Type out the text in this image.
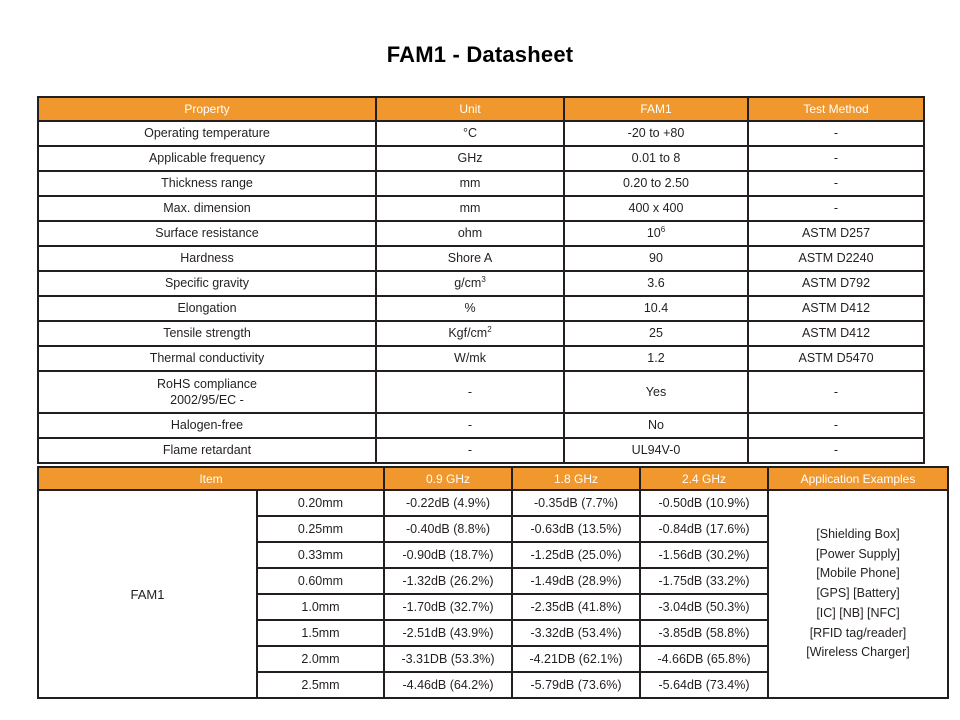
FAM1 - Datasheet
Property	Unit	FAM1	Test Method
Operating temperature	°C	-20 to +80	-
Applicable frequency	GHz	0.01 to 8	-
Thickness range	mm	0.20 to 2.50	-
Max. dimension	mm	400 x 400	-
Surface resistance	ohm	$10^6$	ASTM D257
Hardness	Shore A	90	ASTM D2240
Specific gravity	$g/cm^3$	3.6	ASTM D792
Elongation	%	10.4	ASTM D412
Tensile strength	Kgf/$cm^2$	25	ASTM D412
Thermal conductivity	W/mk	1.2	ASTM D5470
RoHS compliance
2002/95/EC -	-	Yes	-
Halogen-free	-	No	-
Flame retardant	-	UL94V-0	-
Item		0.9 GHz	1.8 GHz	2.4 GHz	Application Examples
FAM1	0.20mm	-0.22dB (4.9%)	-0.35dB (7.7%)	-0.50dB (10.9%)	[Shielding Box]
[Power Supply]
[Mobile Phone]
[GPS] [Battery]
[IC] [NB] [NFC]
[RFID tag/reader]
[Wireless Charger]
	0.25mm	-0.40dB (8.8%)	-0.63dB (13.5%)	-0.84dB (17.6%)	
	0.33mm	-0.90dB (18.7%)	-1.25dB (25.0%)	-1.56dB (30.2%)	
	0.60mm	-1.32dB (26.2%)	-1.49dB (28.9%)	-1.75dB (33.2%)	
	1.0mm	-1.70dB (32.7%)	-2.35dB (41.8%)	-3.04dB (50.3%)	
	1.5mm	-2.51dB (43.9%)	-3.32dB (53.4%)	-3.85dB (58.8%)	
	2.0mm	-3.31DB (53.3%)	-4.21DB (62.1%)	-4.66DB (65.8%)	
	2.5mm	-4.46dB (64.2%)	-5.79dB (73.6%)	-5.64dB (73.4%)	
